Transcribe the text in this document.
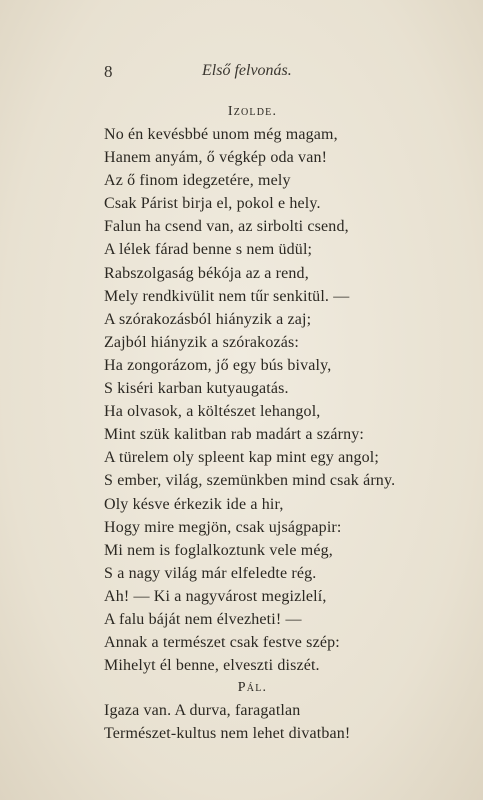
8	Első felvonás.
Izolde.
No én kevésbbé unom még magam,
Hanem anyám, ő végkép oda van!
Az ő finom idegzetére, mely
Csak Párist birja el, pokol e hely.
Falun ha csend van, az sirbolti csend,
A lélek fárad benne s nem üdül;
Rabszolgaság békója az a rend,
Mely rendkivülit nem tűr senkitül. —
A szórakozásból hiányzik a zaj;
Zajból hiányzik a szórakozás:
Ha zongorázom, jő egy bús bivaly,
S kiséri karban kutyaugatás.
Ha olvasok, a költészet lehangol,
Mint szük kalitban rab madárt a szárny:
A türelem oly spleent kap mint egy angol;
S ember, világ, szemünkben mind csak árny.
Oly késve érkezik ide a hir,
Hogy mire megjön, csak ujságpapir:
Mi nem is foglalkoztunk vele még,
S a nagy világ már elfeledte rég.
Ah! — Ki a nagyvárost megizlelí,
A falu báját nem élvezheti! —
Annak a természet csak festve szép:
Mihelyt él benne, elveszti diszét.
Pál.
Igaza van. A durva, faragatlan
Természet-kultus nem lehet divatban!
